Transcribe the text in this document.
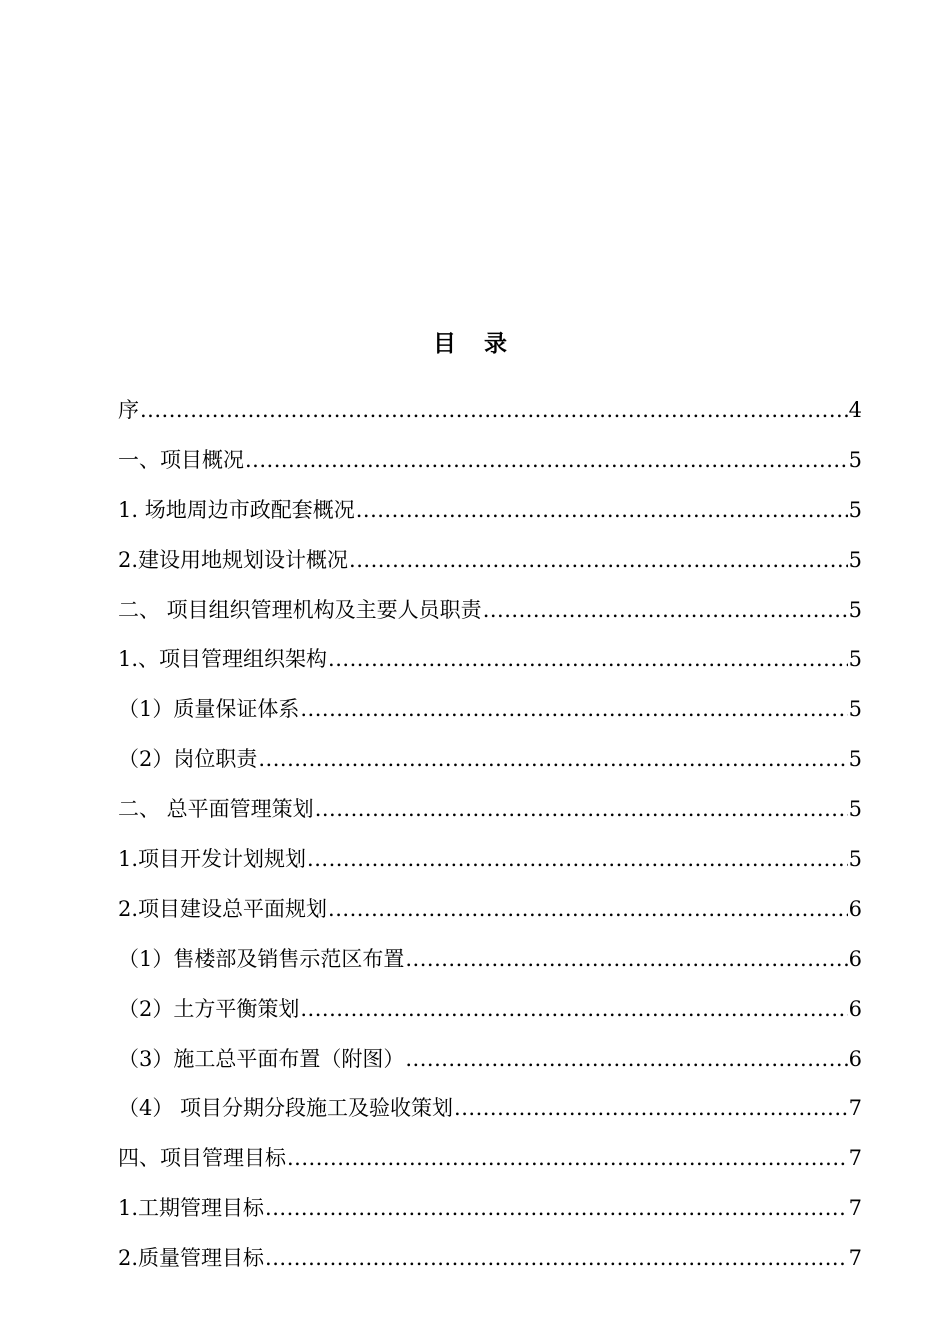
目 录
序 .....	4
一、项目概况 .....	5
1. 场地周边市政配套概况 .....	5
2.建设用地规划设计概况 .....	5
二、 项目组织管理机构及主要人员职责 .....	5
1.、项目管理组织架构 .....	5
（1）质量保证体系 .....	5
（2）岗位职责 .....	5
二、 总平面管理策划 .....	5
1.项目开发计划规划 .....	5
2.项目建设总平面规划 .....	6
（1）售楼部及销售示范区布置 .....	6
（2）土方平衡策划 .....	6
（3）施工总平面布置（附图） .....	6
（4） 项目分期分段施工及验收策划 .....	7
四、项目管理目标 .....	7
1.工期管理目标 .....	7
2.质量管理目标 .....	7
